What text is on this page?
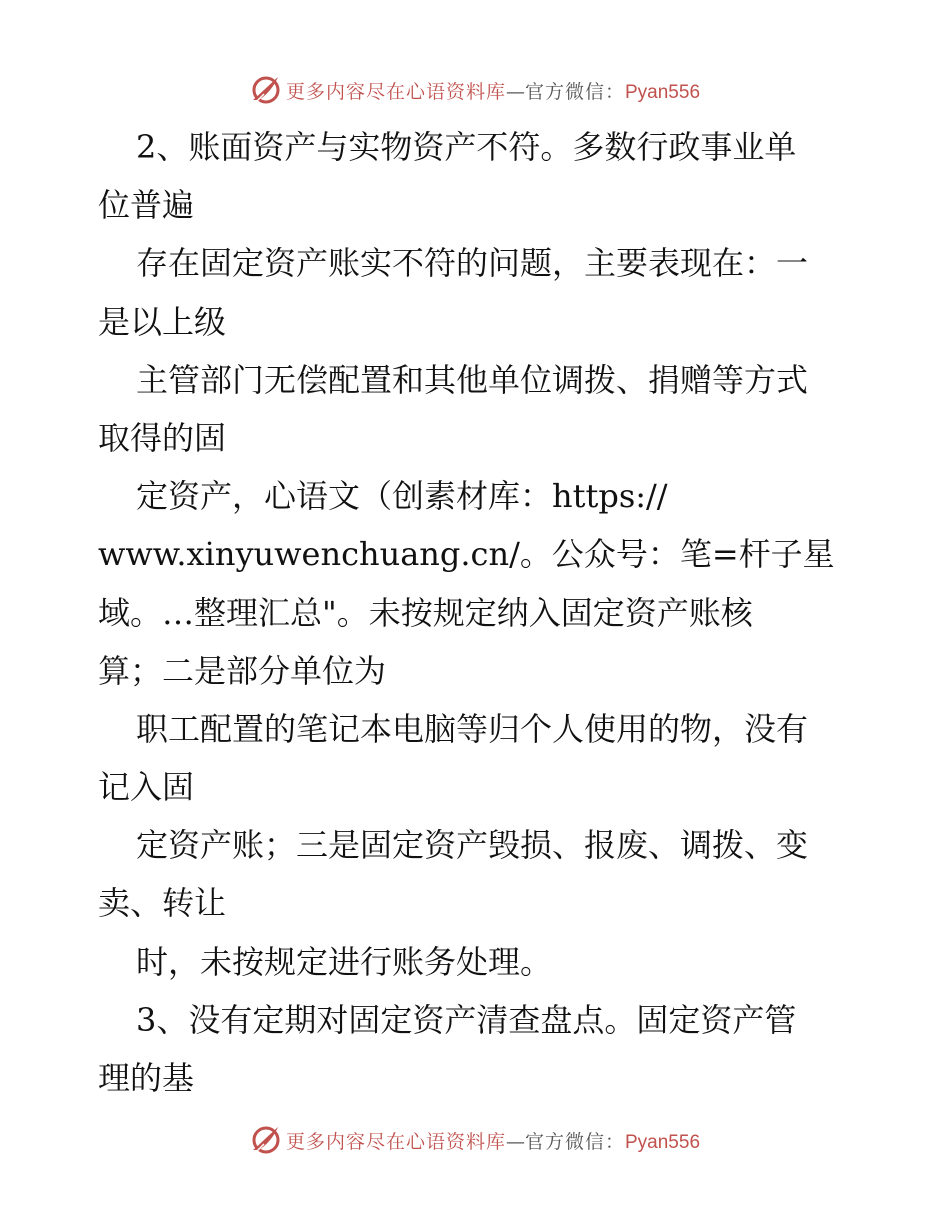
更多内容尽在心语资料库—官方微信：Pyan556
2、账面资产与实物资产不符。多数行政事业单
位普遍
存在固定资产账实不符的问题，主要表现在：一
是以上级
主管部门无偿配置和其他单位调拨、捐赠等方式
取得的固
定资产，心语文（创素材库：https://
www.xinyuwenchuang.cn/。公众号：笔=杆子星
域。…整理汇总"。未按规定纳入固定资产账核
算；二是部分单位为
职工配置的笔记本电脑等归个人使用的物，没有
记入固
定资产账；三是固定资产毁损、报废、调拨、变
卖、转让
时，未按规定进行账务处理。
3、没有定期对固定资产清查盘点。固定资产管
理的基
更多内容尽在心语资料库—官方微信：Pyan556
